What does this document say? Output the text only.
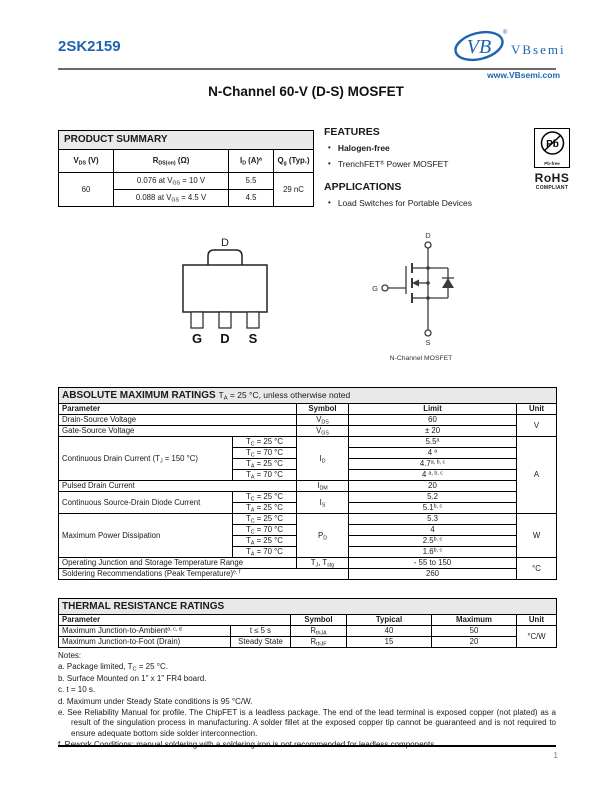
2SK2159	VB
®
VBsemi
www.VBsemi.com
N-Channel 60-V (D-S) MOSFET
PRODUCT SUMMARY			
$V_{DS}$ (V)	$R_{DS(on)}$ (Ω)	$I_D$ $(A)^a$	$Q_g$ (Typ.)
60	0.076 at $V_{GS} = 10$ V	5.5	29 nC
	0.088 at $V_{GS} = 4.5$ V	4.5	
FEATURES
• Halogen-free
• TrenchFET® Power MOSFET
APPLICATIONS
• Load Switches for Portable Devices
Pb
Pb-free
RoHS
COMPLIANT
D
G D S
D
G
S
N-Channel MOSFET
ABSOLUTE MAXIMUM RATINGS $T_A = 25$ °C, unless otherwise noted				
Parameter		Symbol	Limit	Unit
Drain-Source Voltage		$V_{DS}$	60	V
Gate-Source Voltage		$V_{GS}$	± 20	
Continuous Drain Current ($T_J = 150$ °C)	$T_C = 25$ °C	$I_D$	5.5$^a$	A
	$T_C = 70$ °C		4 $^a$
	$T_A = 25$ °C		4.7$^{a, b, c}$
	$T_A = 70$ °C		4 $^{a, b, c}$
Pulsed Drain Current		$I_{DM}$	20	
Continuous Source-Drain Diode Current	$T_C = 25$ °C	$I_S$	5.2	
	$T_A = 25$ °C		5.1$^{b, c}$
Maximum Power Dissipation	$T_C = 25$ °C	$P_D$	5.3	W
	$T_C = 70$ °C		4	
	$T_A = 25$ °C		2.5$^{b, c}$
	$T_A = 70$ °C		1.6$^{b, c}$
Operating Junction and Storage Temperature Range		$T_J$, $T_{stg}$	- 55 to 150	°C
Soldering Recommendations (Peak Temperature)$^{e, f}$			260	
THERMAL RESISTANCE RATINGS					
Parameter		Symbol	Typical	Maximum	Unit
Maximum Junction-to-Ambient$^{a, c, d}$	t ≤ 5 s	$R_{thJA}$	40	50	°C/W
Maximum Junction-to-Foot (Drain)	Steady State	$R_{thJF}$	15	20	
Notes:
a. Package limited, $T_C = 25$ °C.
b. Surface Mounted on 1" x 1" FR4 board.
c. t = 10 s.
d. Maximum under Steady State conditions is 95 °C/W.
e. See Reliability Manual for profile. The ChipFET is a leadless package. The end of the lead terminal is exposed copper (not plated) as a result of the singulation process in manufacturing. A solder fillet at the exposed copper tip cannot be guaranteed and is not required to ensure adequate bottom side solder interconnection.
1
